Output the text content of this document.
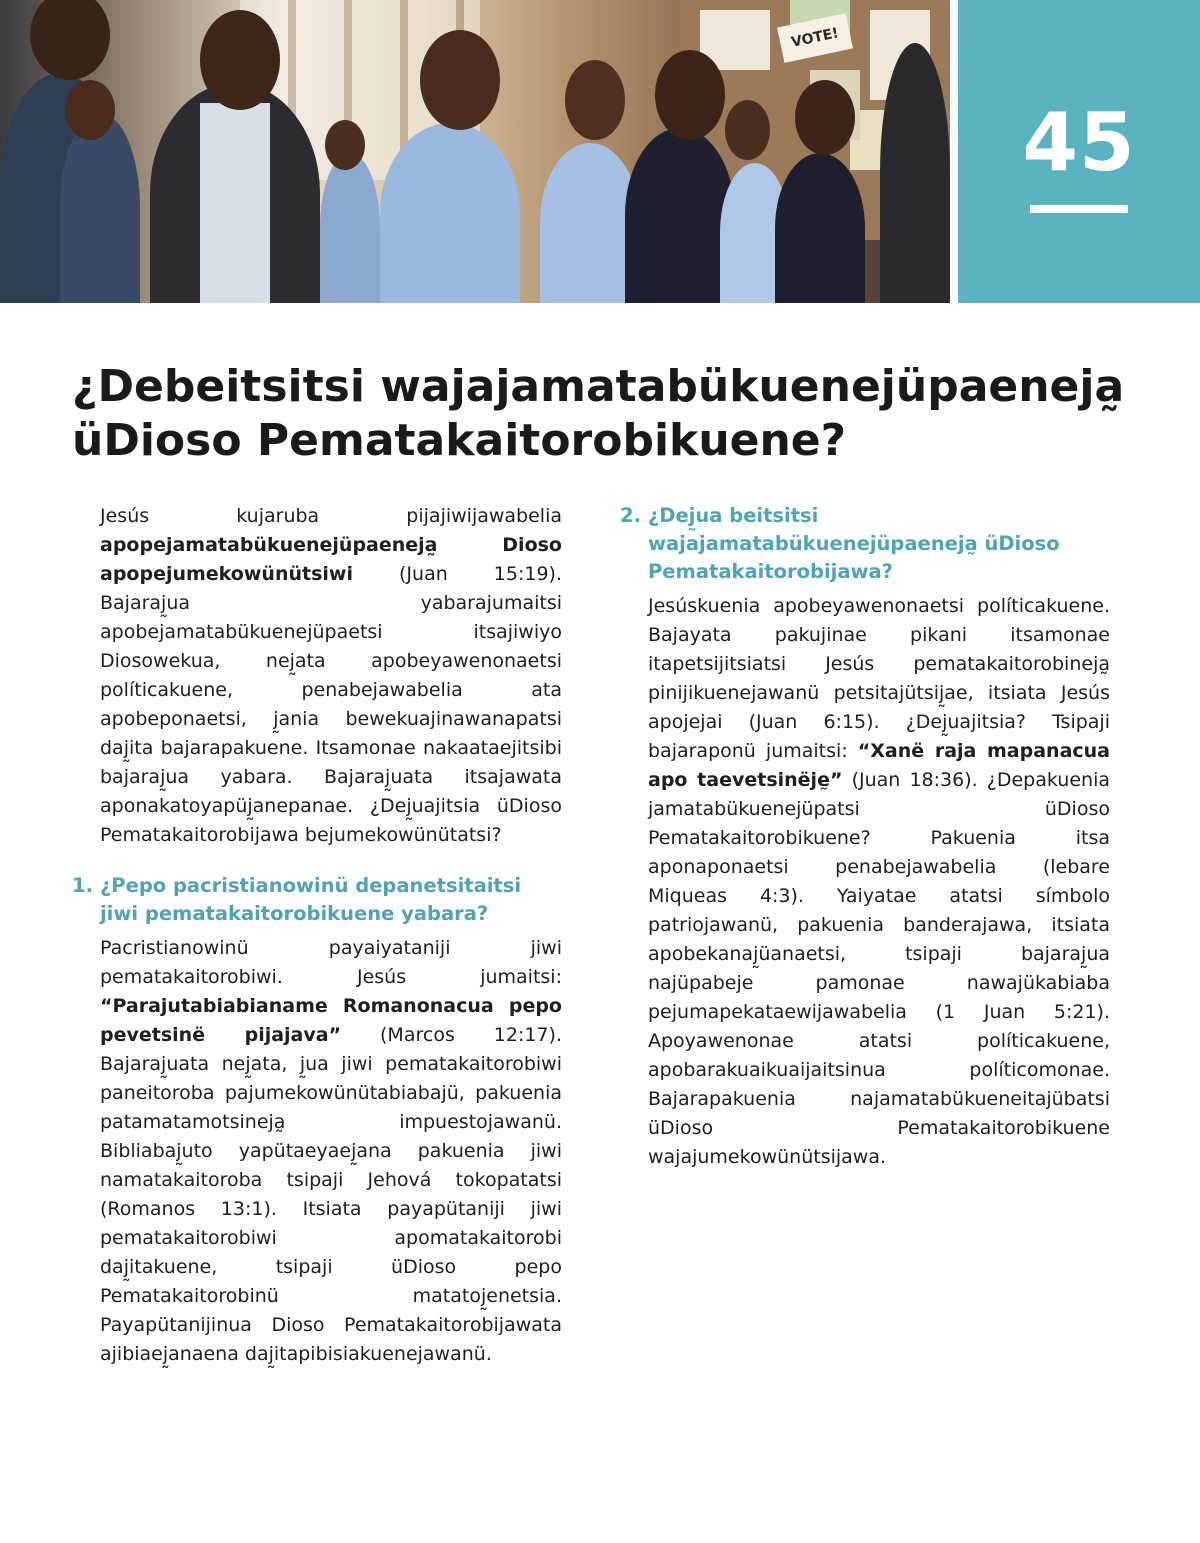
VOTE!
45
¿Debeitsitsi wajajamatabükuenejüpaeneja̰ üDioso Pematakaitorobikuene?

Jesús kujaruba pijajiwijawabelia apopejamatabükuenejüpaeneja̰ Dioso apopejumekowünütsiwi (Juan 15:19). Bajaraj̰ua yabarajumaitsi apobejamatabükuenejüpaetsi itsajiwiyo Diosowekua, nej̰ata apobeyawenonaetsi políticakuene, penabejawabelia ata apobeponaetsi, j̰ania bewekuajinawanapatsi daj̰ita bajarapakuene. Itsamonae nakaataejitsibi bajaraj̰ua yabara. Bajaraj̰uata itsajawata aponakatoyapüj̰anepanae. ¿Dej̰uajitsia üDioso Pematakaitorobijawa bejumekowünütatsi?

1. ¿Pepo pacristianowinü depanetsitaitsi jiwi pematakaitorobikuene yabara?

Pacristianowinü payaiyataniji jiwi pematakaitorobiwi. Jesús jumaitsi: “Parajutabiabianame Romanonacua pepo pevetsinë pijajava” (Marcos 12:17). Bajaraj̰uata nej̰ata, j̰ua jiwi pematakaitorobiwi paneitoroba pajumekowünütabiabajü, pakuenia patamatamotsineja̰ impuestojawanü. Bibliabaj̰uto yapütaeyaej̰ana pakuenia jiwi namatakaitoroba tsipaji Jehová tokopatatsi (Romanos 13:1). Itsiata payapütaniji jiwi pematakaitorobiwi apomatakaitorobi daj̰itakuene, tsipaji üDioso pepo Pematakaitorobinü matatoj̰enetsia. Payapütanijinua Dioso Pematakaitorobijawata ajibiaej̰anaena daj̰itapibisiakuenejawanü.

2. ¿Dej̰ua beitsitsi wajajamatabükuenejüpaeneja̰ üDioso Pematakaitorobijawa?

Jesúskuenia apobeyawenonaetsi políticakuene. Bajayata pakujinae pikani itsamonae itapetsijitsiatsi Jesús pematakaitorobineja̰ pinijikuenejawanü petsitajütsij̰ae, itsiata Jesús apojejai (Juan 6:15). ¿Dej̰uajitsia? Tsipaji bajaraponü jumaitsi: “Xanë raja mapanacua apo taevetsinëjḛ” (Juan 18:36). ¿Depakuenia jamatabükuenejüpatsi üDioso Pematakaitorobikuene? Pakuenia itsa aponaponaetsi penabejawabelia (lebare Miqueas 4:3). Yaiyatae atatsi símbolo patriojawanü, pakuenia banderajawa, itsiata apobekanaj̰üanaetsi, tsipaji bajaraj̰ua najüpabeje pamonae nawajükabiaba pejumapekataewijawabelia (1 Juan 5:21). Apoyawenonae atatsi políticakuene, apobarakuaikuaijaitsinua políticomonae. Bajarapakuenia najamatabükueneitajübatsi üDioso Pematakaitorobikuene wajajumekowünütsijawa.
